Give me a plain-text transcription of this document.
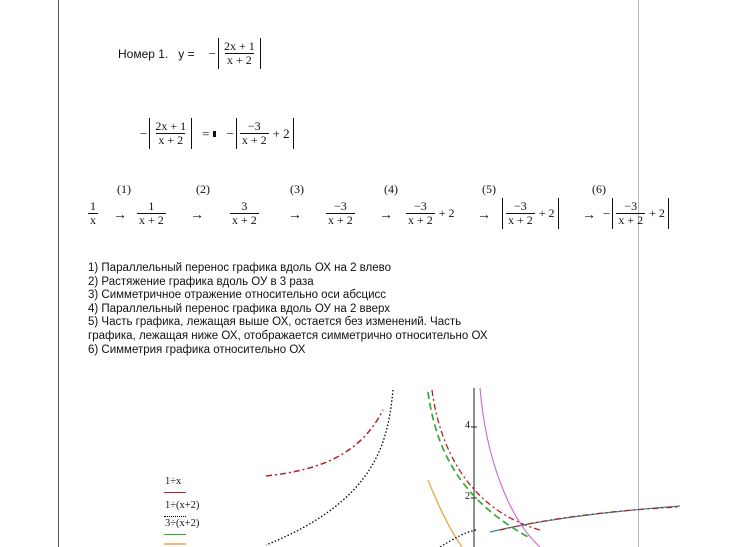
Номер 1. y = − $\frac{2x + 1}{x + 2}$
− $\frac{2x + 1}{x + 2}$ = − $\frac{-3}{x + 2} + 2$
(1)	(2)	(3)	(4)	(5)	(6)
→	→	→	→	→	→
$\frac{1}{x}$	$\frac{1}{x + 2}$	$\frac{3}{x + 2}$	$\frac{-3}{x + 2}$	$\frac{-3}{x + 2} + 2$	$\frac{-3}{x + 2} + 2$	− $\frac{-3}{x + 2} + 2$
1) Параллельный перенос графика вдоль ОХ на 2 влево
2) Растяжение графика вдоль ОУ в 3 раза
3) Симметричное отражение относительно оси абсцисс
4) Параллельный перенос графика вдоль ОУ на 2 вверх
5) Часть графика, лежащая выше ОХ, остается без изменений. Часть
графика, лежащая ниже ОХ, отображается симметрично относительно ОХ
6) Симметрия графика относительно ОХ
4
2
1÷x
1÷(x+2)
3÷(x+2)
